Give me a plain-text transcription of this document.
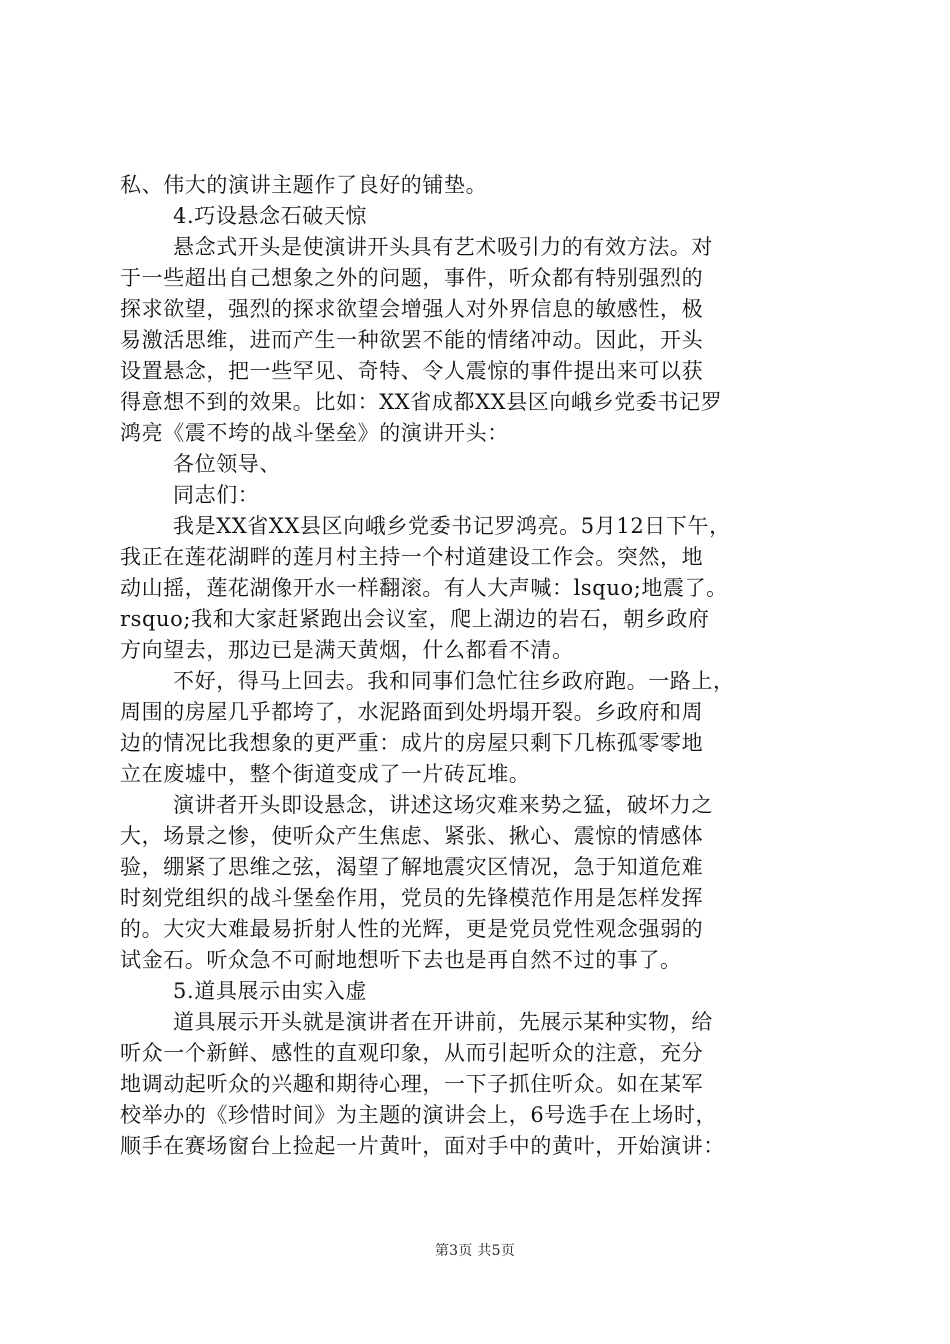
私、伟大的演讲主题作了良好的铺垫。
4.巧设悬念石破天惊
悬念式开头是使演讲开头具有艺术吸引力的有效方法。对
于一些超出自己想象之外的问题，事件，听众都有特别强烈的
探求欲望，强烈的探求欲望会增强人对外界信息的敏感性，极
易激活思维，进而产生一种欲罢不能的情绪冲动。因此，开头
设置悬念，把一些罕见、奇特、令人震惊的事件提出来可以获
得意想不到的效果。比如：XX省成都XX县区向峨乡党委书记罗
鸿亮《震不垮的战斗堡垒》的演讲开头：
各位领导、
同志们：
我是XX省XX县区向峨乡党委书记罗鸿亮。5月12日下午，
我正在莲花湖畔的莲月村主持一个村道建设工作会。突然，地
动山摇，莲花湖像开水一样翻滚。有人大声喊：lsquo;地震了。
rsquo;我和大家赶紧跑出会议室，爬上湖边的岩石，朝乡政府
方向望去，那边已是满天黄烟，什么都看不清。
不好，得马上回去。我和同事们急忙往乡政府跑。一路上，
周围的房屋几乎都垮了，水泥路面到处坍塌开裂。乡政府和周
边的情况比我想象的更严重：成片的房屋只剩下几栋孤零零地
立在废墟中，整个街道变成了一片砖瓦堆。
演讲者开头即设悬念，讲述这场灾难来势之猛，破坏力之
大，场景之惨，使听众产生焦虑、紧张、揪心、震惊的情感体
验，绷紧了思维之弦，渴望了解地震灾区情况，急于知道危难
时刻党组织的战斗堡垒作用，党员的先锋模范作用是怎样发挥
的。大灾大难最易折射人性的光辉，更是党员党性观念强弱的
试金石。听众急不可耐地想听下去也是再自然不过的事了。
5.道具展示由实入虚
道具展示开头就是演讲者在开讲前，先展示某种实物，给
听众一个新鲜、感性的直观印象，从而引起听众的注意，充分
地调动起听众的兴趣和期待心理，一下子抓住听众。如在某军
校举办的《珍惜时间》为主题的演讲会上，6号选手在上场时，
顺手在赛场窗台上捡起一片黄叶，面对手中的黄叶，开始演讲：
第3页 共5页
